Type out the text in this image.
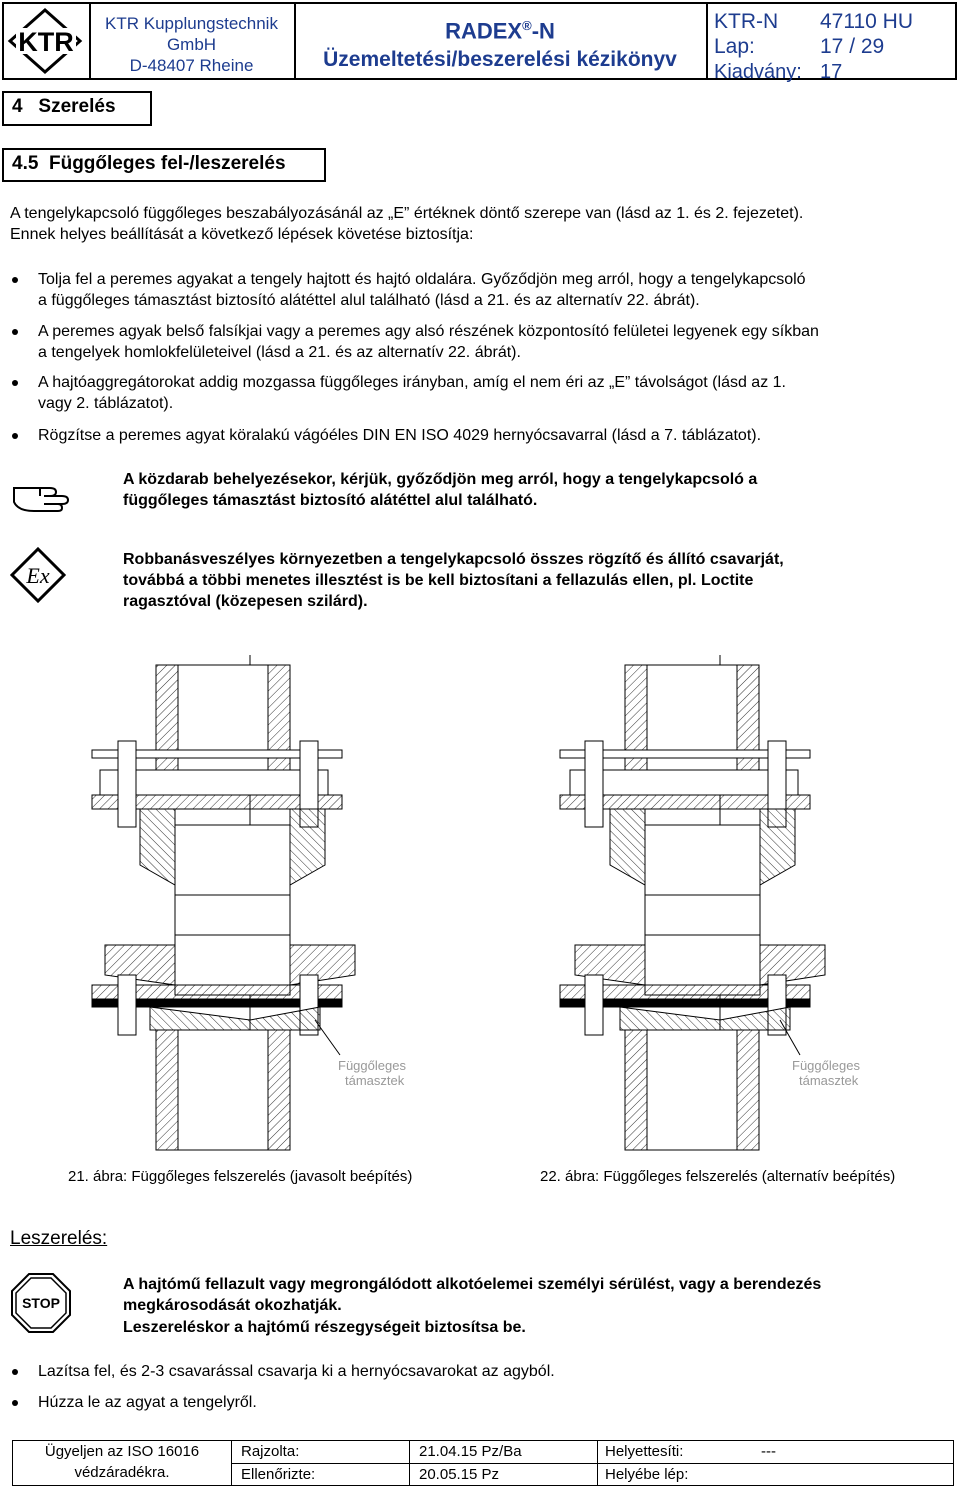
KTR
KTR Kupplungstechnik
GmbH
D-48407 Rheine
RADEX®-N
Üzemeltetési/beszerelési kézikönyv
KTR-N 47110 HU
Lap:	17 / 29
Kiadvány: 17
4 Szerelés
4.5 Függőleges fel-/leszerelés
A tengelykapcsoló függőleges beszabályozásánál az „E” értéknek döntő szerepe van (lásd az 1. és 2. fejezetet).
Ennek helyes beállítását a következő lépések követése biztosítja:
Tolja fel a peremes agyakat a tengely hajtott és hajtó oldalára. Győződjön meg arról, hogy a tengelykapcsoló
a függőleges támasztást biztosító alátéttel alul található (lásd a 21. és az alternatív 22. ábrát).
A peremes agyak belső falsíkjai vagy a peremes agy alsó részének központosító felületei legyenek egy síkban
a tengelyek homlokfelületeivel (lásd a 21. és az alternatív 22. ábrát).
A hajtóaggregátorokat addig mozgassa függőleges irányban, amíg el nem éri az „E” távolságot (lásd az 1.
vagy 2. táblázatot).
Rögzítse a peremes agyat köralakú vágóéles DIN EN ISO 4029 hernyócsavarral (lásd a 7. táblázatot).
A közdarab behelyezésekor, kérjük, győződjön meg arról, hogy a tengelykapcsoló a
függőleges támasztást biztosító alátéttel alul található.
Ex
Robbanásveszélyes környezetben a tengelykapcsoló összes rögzítő és állító csavarját,
továbbá a többi menetes illesztést is be kell biztosítani a fellazulás ellen, pl. Loctite
ragasztóval (közepesen szilárd).
Függőleges támasztek
Függőleges támasztek
21. ábra: Függőleges felszerelés (javasolt beépítés)	22. ábra: Függőleges felszerelés (alternatív beépítés)
Leszerelés:
STOP
A hajtómű fellazult vagy megrongálódott alkotóelemei személyi sérülést, vagy a berendezés
megkárosodását okozhatják.
Leszereléskor a hajtómű részegységeit biztosítsa be.
Lazítsa fel, és 2-3 csavarással csavarja ki a hernyócsavarokat az agyból.
Húzza le az agyat a tengelyről.
Ügyeljen az ISO 16016
védzáradékra.
Rajzolta:	21.04.15 Pz/Ba
Ellenőrizte:	20.05.15 Pz
Helyettesíti:	---
Helyébe lép:
